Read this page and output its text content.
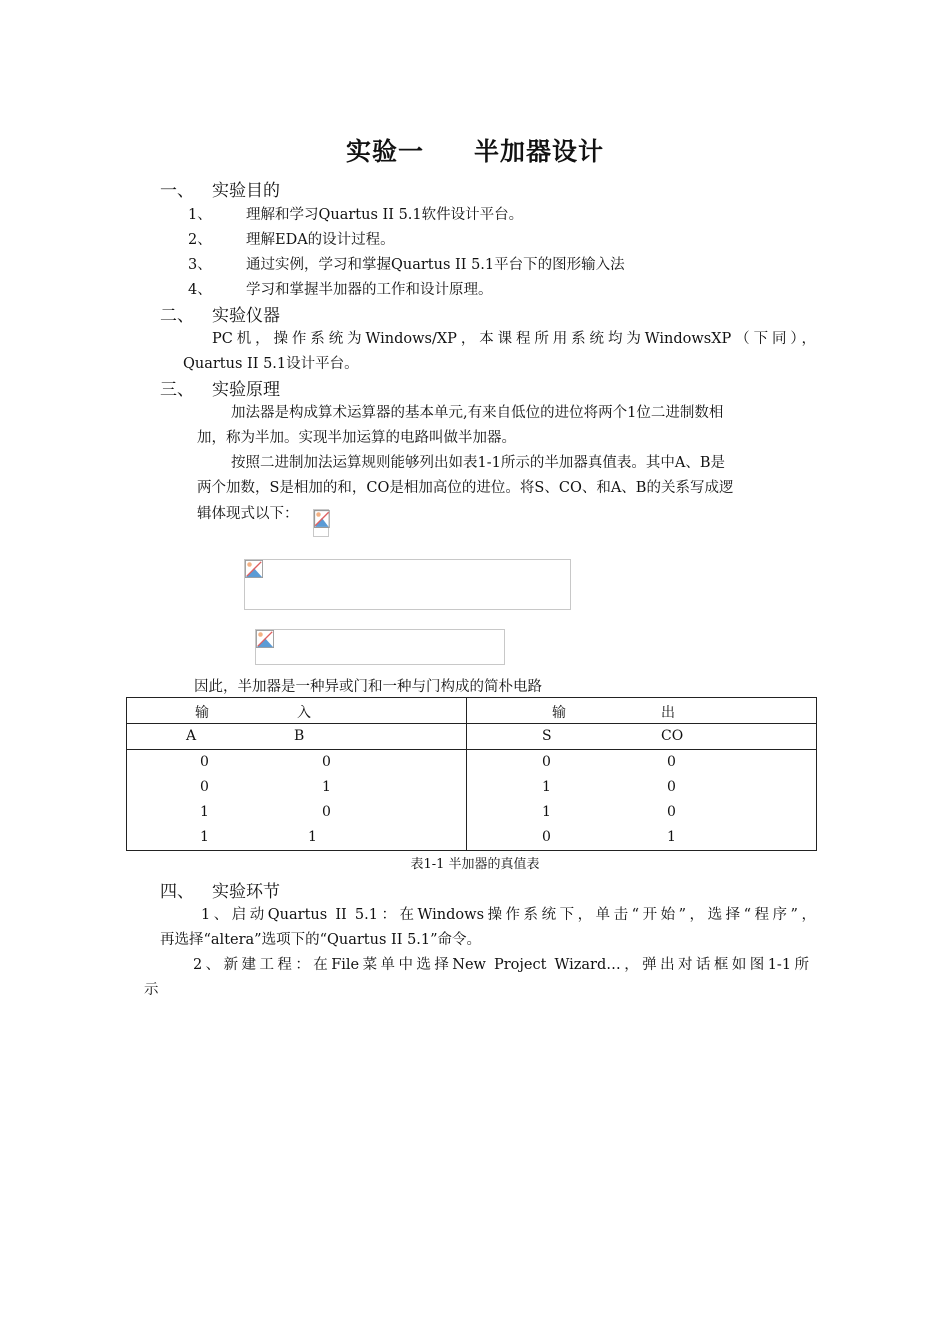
实验一 半加器设计
一、 实验目的
1、 理解和学习Quartus II 5.1软件设计平台。
2、 理解EDA的设计过程。
3、 通过实例，学习和掌握Quartus II 5.1平台下的图形输入法
4、 学习和掌握半加器的工作和设计原理。
二、 实验仪器
PC机，操作系统为Windows/XP，本课程所用系统均为WindowsXP（下同），
Quartus II 5.1设计平台。
三、 实验原理
加法器是构成算术运算器的基本单元,有来自低位的进位将两个1位二进制数相
加，称为半加。实现半加运算的电路叫做半加器。
按照二进制加法运算规则能够列出如表1-1所示的半加器真值表。其中A、B是
两个加数，S是相加的和，CO是相加高位的进位。将S、CO、和A、B的关系写成逻
辑体现式以下：
因此，半加器是一种异或门和一种与门构成的简朴电路
输 入	输 出

A B	S CO

0 0	0 0

0 1	1 0

1 0	1 0

1 1	0 1
表1-1 半加器的真值表
四、 实验环节
1、启动Quartus II 5.1：在Windows操作系统下，单击“开始”，选择“程序”，
再选择“altera”选项下的“Quartus II 5.1”命令。
2、新建工程：在File菜单中选择New Project Wizard…，弹出对话框如图1-1所
示
